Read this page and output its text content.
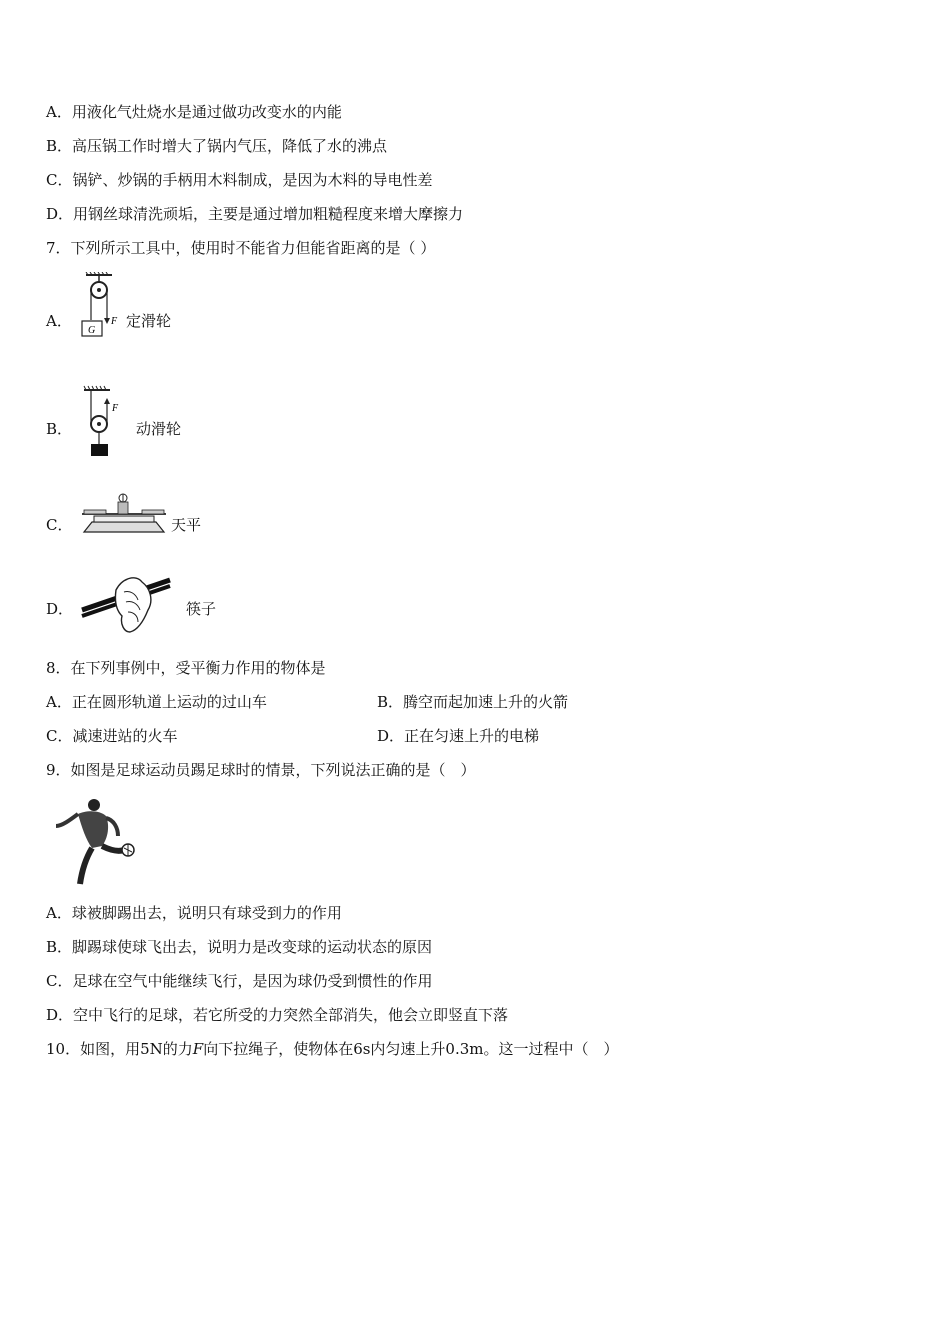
A．用液化气灶烧水是通过做功改变水的内能
B．高压锅工作时增大了锅内气压，降低了水的沸点
C．锅铲、炒锅的手柄用木料制成，是因为木料的导电性差
D．用钢丝球清洗顽垢，主要是通过增加粗糙程度来增大摩擦力
7．下列所示工具中，使用时不能省力但能省距离的是（ ）
A．
G
F 定滑轮
B．
F
动滑轮
C．	天平
D．	筷子
8．在下列事例中，受平衡力作用的物体是
A．正在圆形轨道上运动的过山车	B．腾空而起加速上升的火箭
C．减速进站的火车	D．正在匀速上升的电梯
9．如图是足球运动员踢足球时的情景，下列说法正确的是（　）
A．球被脚踢出去，说明只有球受到力的作用
B．脚踢球使球飞出去，说明力是改变球的运动状态的原因
C．足球在空气中能继续飞行，是因为球仍受到惯性的作用
D．空中飞行的足球，若它所受的力突然全部消失，他会立即竖直下落
10．如图，用5N的力F向下拉绳子，使物体在6s内匀速上升0.3m。这一过程中（　）
